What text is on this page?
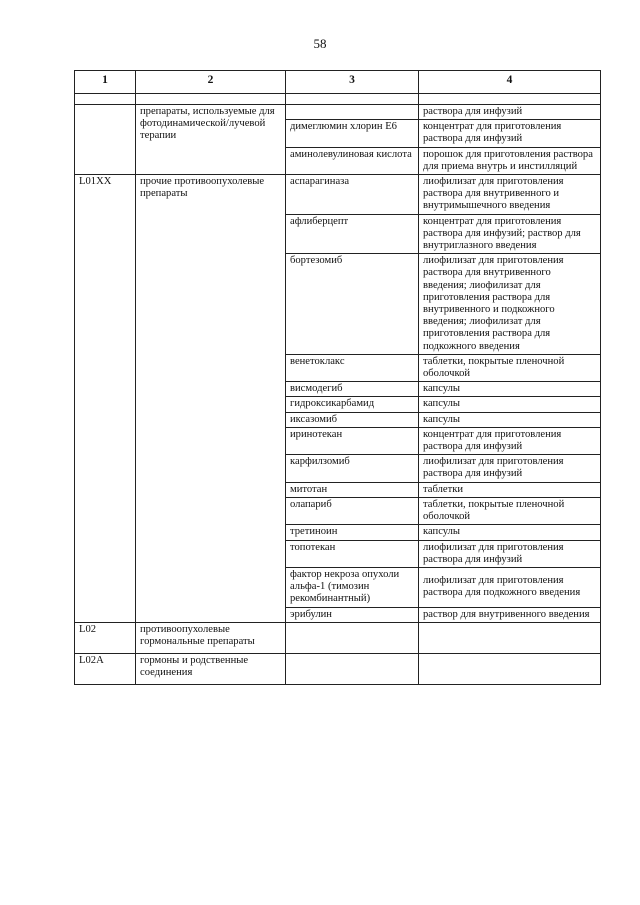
58
1	2	3	4

	препараты, используемые для фотодинамической/лучевой терапии		раствора для инфузий
		димеглюмин хлорин Е6	концентрат для приготовления раствора для инфузий
		аминолевулиновая кислота	порошок для приготовления раствора для приема внутрь и инстилляций
L01XX	прочие противоопухолевые препараты	аспарагиназа	лиофилизат для приготовления раствора для внутривенного и внутримышечного введения
		афлиберцепт	концентрат для приготовления раствора для инфузий; раствор для внутриглазного введения
		бортезомиб	лиофилизат для приготовления раствора для внутривенного введения; лиофилизат для приготовления раствора для внутривенного и подкожного введения; лиофилизат для приготовления раствора для подкожного введения
		венетоклакс	таблетки, покрытые пленочной оболочкой
		висмодегиб	капсулы
		гидроксикарбамид	капсулы
		иксазомиб	капсулы
		иринотекан	концентрат для приготовления раствора для инфузий
		карфилзомиб	лиофилизат для приготовления раствора для инфузий
		митотан	таблетки
		олапариб	таблетки, покрытые пленочной оболочкой
		третиноин	капсулы
		топотекан	лиофилизат для приготовления раствора для инфузий
		фактор некроза опухоли альфа-1 (тимозин рекомбинантный)	лиофилизат для приготовления раствора для подкожного введения
		эрибулин	раствор для внутривенного введения
L02	противоопухолевые гормональные препараты		
L02A	гормоны и родственные соединения		
